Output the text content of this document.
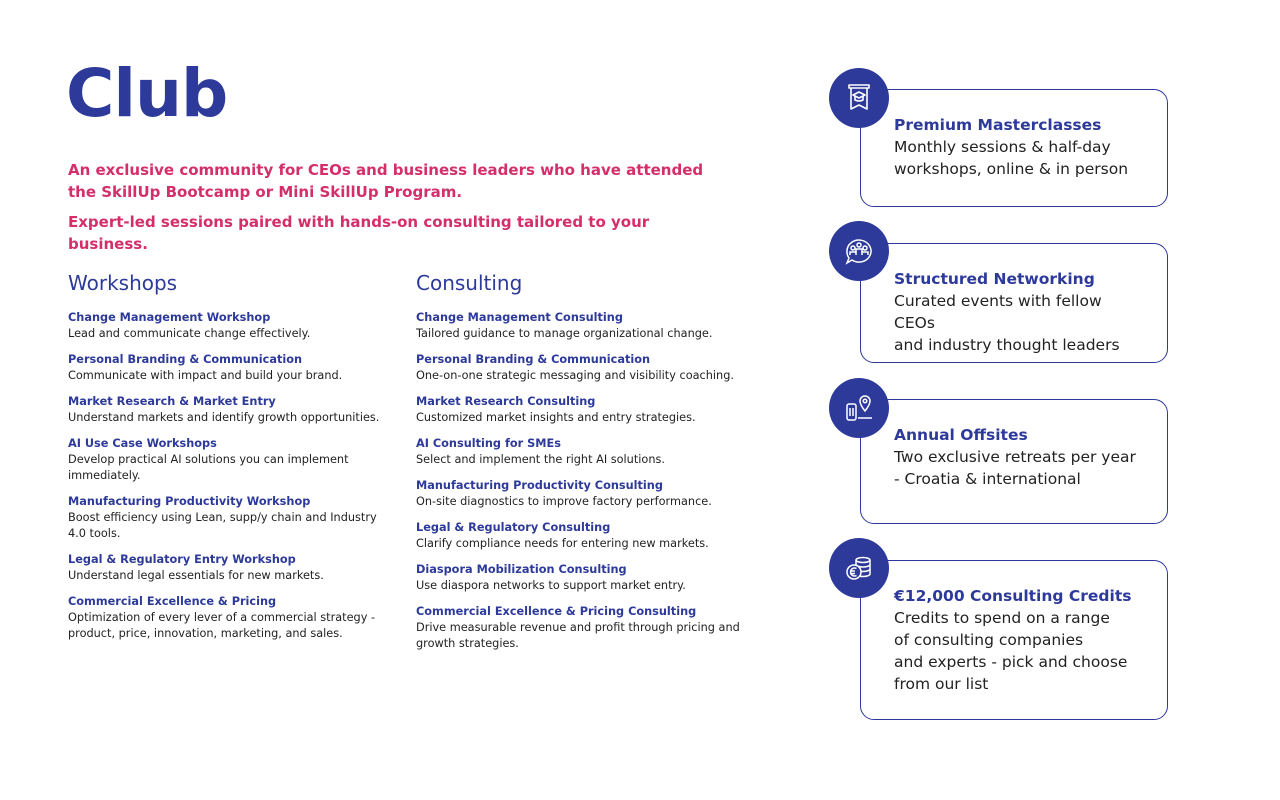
Club

An exclusive community for CEOs and business leaders who have attended the SkillUp Bootcamp or Mini SkillUp Program.

Expert-led sessions paired with hands-on consulting tailored to your business.

Workshops
Change Management Workshop
Lead and communicate change effectively.
Personal Branding & Communication
Communicate with impact and build your brand.
Market Research & Market Entry
Understand markets and identify growth opportunities.
AI Use Case Workshops
Develop practical AI solutions you can implement immediately.
Manufacturing Productivity Workshop
Boost efficiency using Lean, supp/y chain and Industry 4.0 tools.
Legal & Regulatory Entry Workshop
Understand legal essentials for new markets.
Commercial Excellence & Pricing
Optimization of every lever of a commercial strategy - product, price, innovation, marketing, and sales.
Consulting
Change Management Consulting
Tailored guidance to manage organizational change.
Personal Branding & Communication
One-on-one strategic messaging and visibility coaching.
Market Research Consulting
Customized market insights and entry strategies.
AI Consulting for SMEs
Select and implement the right AI solutions.
Manufacturing Productivity Consulting
On-site diagnostics to improve factory performance.
Legal & Regulatory Consulting
Clarify compliance needs for entering new markets.
Diaspora Mobilization Consulting
Use diaspora networks to support market entry.
Commercial Excellence & Pricing Consulting
Drive measurable revenue and profit through pricing and growth strategies.
Premium Masterclasses
Monthly sessions & half-day
workshops, online & in person
Structured Networking
Curated events with fellow CEOs
and industry thought leaders
Annual Offsites
Two exclusive retreats per year
- Croatia & international
€12,000 Consulting Credits
Credits to spend on a range
of consulting companies
and experts - pick and choose
from our list
